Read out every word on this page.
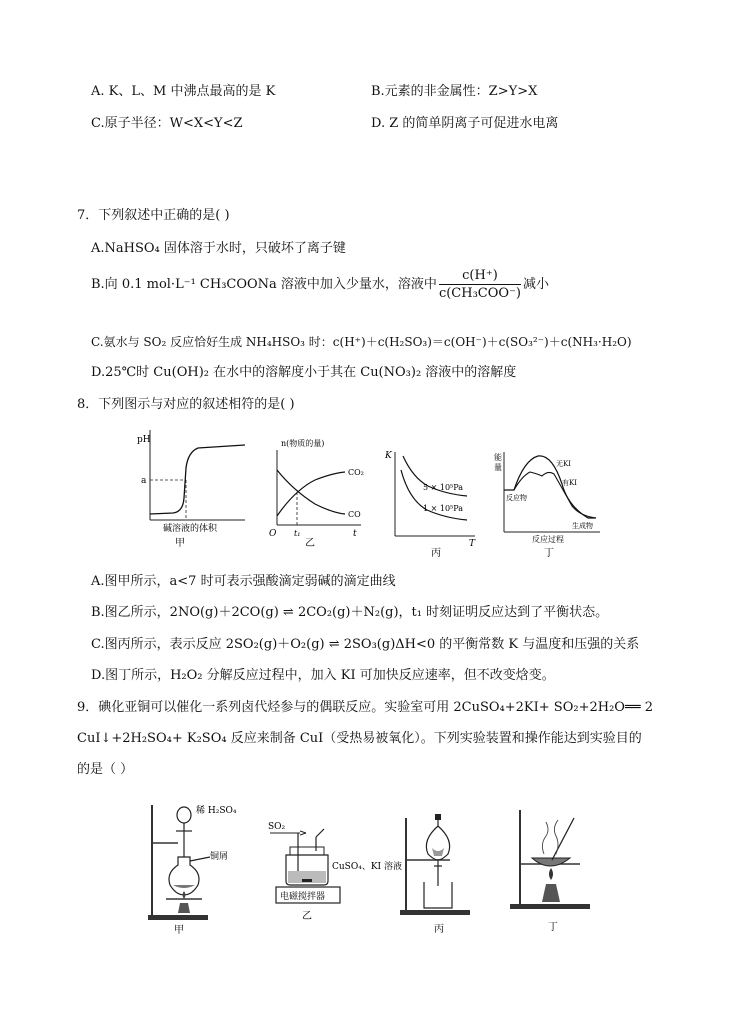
A. K、L、M 中沸点最高的是 K	B.元素的非金属性：Z>Y>X
C.原子半径：W<X<Y<Z	D. Z 的简单阴离子可促进水电离
7．下列叙述中正确的是( )
A.NaHSO₄ 固体溶于水时，只破坏了离子键
B.向 0.1 mol·L⁻¹ CH₃COONa 溶液中加入少量水，溶液中 $\frac{c(H^+)}{\text{c(CH₃COO⁻)}}$ 减小
C.氨水与 SO₂ 反应恰好生成 NH₄HSO₃ 时：c(H⁺)＋c(H₂SO₃)＝c(OH⁻)＋c(SO₃²⁻)＋c(NH₃·H₂O)
D.25℃时 Cu(OH)₂ 在水中的溶解度小于其在 Cu(NO₃)₂ 溶液中的溶解度
8．下列图示与对应的叙述相符的是( )
pH
a
碱溶液的体积
甲
n(物质的量)
CO₂
CO
O t₁	t
乙
K
5 × 10⁵Pa
1 × 10⁵Pa
T
丙
能
量	无KI
有KI
反应物
生成物
反应过程
丁
A.图甲所示，a<7 时可表示强酸滴定弱碱的滴定曲线
B.图乙所示，2NO(g)＋2CO(g) ⇌ 2CO₂(g)＋N₂(g)，t₁ 时刻证明反应达到了平衡状态。
C.图丙所示，表示反应 2SO₂(g)＋O₂(g) ⇌ 2SO₃(g)ΔH<0 的平衡常数 K 与温度和压强的关系
D.图丁所示，H₂O₂ 分解反应过程中，加入 KI 可加快反应速率，但不改变焓变。
9．碘化亚铜可以催化一系列卤代烃参与的偶联反应。实验室可用 2CuSO₄+2KI+ SO₂+2H₂O══ 2
CuI↓+2H₂SO₄+ K₂SO₄ 反应来制备 CuI（受热易被氧化）。下列实验装置和操作能达到实验目的
的是（ ）
稀 H₂SO₄
铜屑
甲
SO₂
电磁搅拌器
CuSO₄、KI 溶液
乙
丙	丁
